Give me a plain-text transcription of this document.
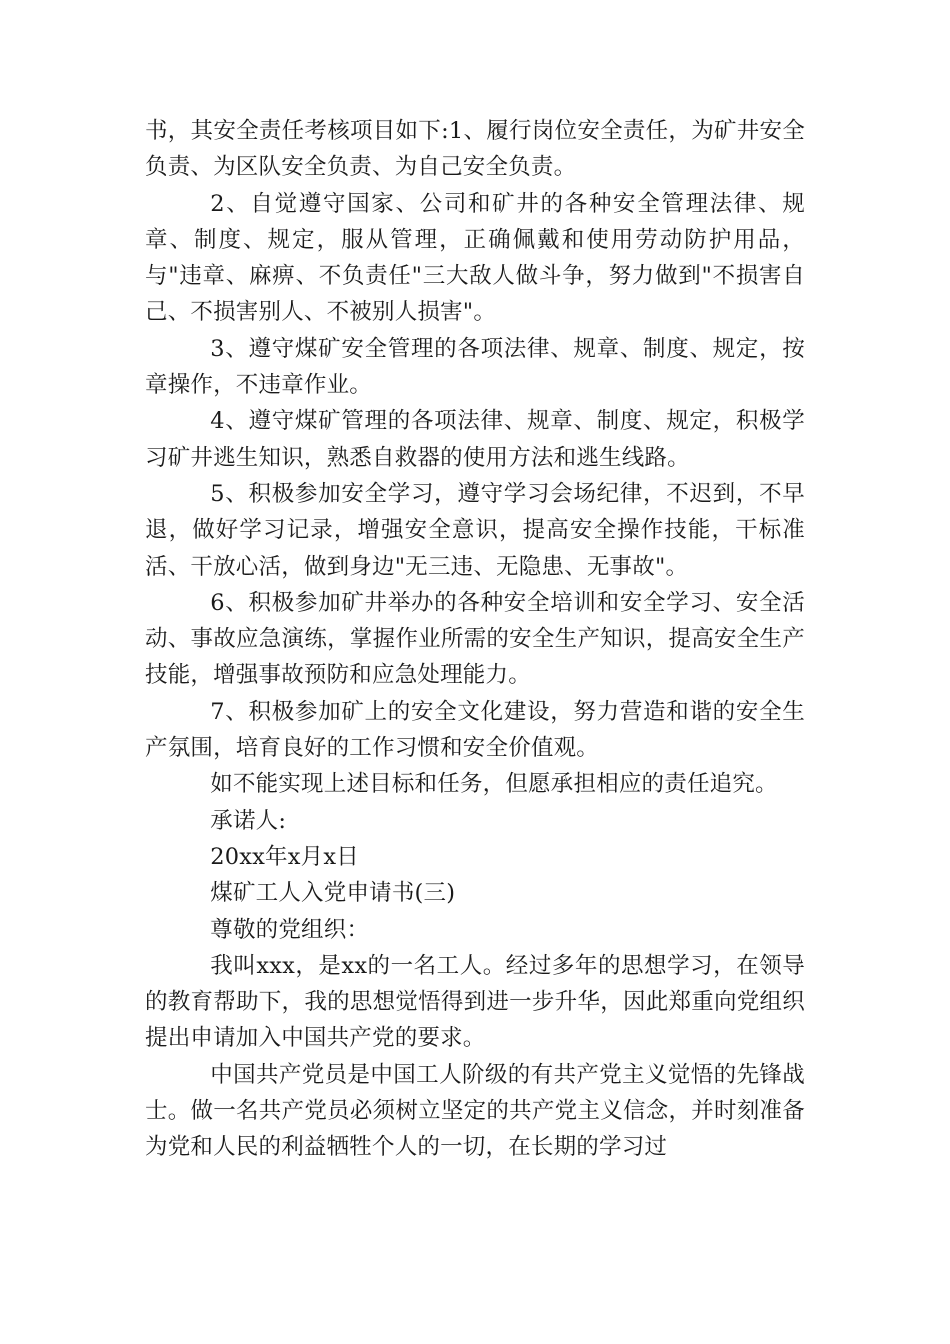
书，其安全责任考核项目如下:1、履行岗位安全责任，为矿井安全负责、为区队安全负责、为自己安全负责。

2、自觉遵守国家、公司和矿井的各种安全管理法律、规章、制度、规定，服从管理，正确佩戴和使用劳动防护用品，与"违章、麻痹、不负责任"三大敌人做斗争，努力做到"不损害自己、不损害别人、不被别人损害"。

3、遵守煤矿安全管理的各项法律、规章、制度、规定，按章操作，不违章作业。

4、遵守煤矿管理的各项法律、规章、制度、规定，积极学习矿井逃生知识，熟悉自救器的使用方法和逃生线路。

5、积极参加安全学习，遵守学习会场纪律，不迟到，不早退，做好学习记录，增强安全意识，提高安全操作技能，干标准活、干放心活，做到身边"无三违、无隐患、无事故"。

6、积极参加矿井举办的各种安全培训和安全学习、安全活动、事故应急演练，掌握作业所需的安全生产知识，提高安全生产技能，增强事故预防和应急处理能力。

7、积极参加矿上的安全文化建设，努力营造和谐的安全生产氛围，培育良好的工作习惯和安全价值观。

如不能实现上述目标和任务，但愿承担相应的责任追究。

承诺人:

20xx年x月x日

煤矿工人入党申请书(三)

尊敬的党组织：

我叫xxx，是xx的一名工人。经过多年的思想学习，在领导的教育帮助下，我的思想觉悟得到进一步升华，因此郑重向党组织提出申请加入中国共产党的要求。

中国共产党员是中国工人阶级的有共产党主义觉悟的先锋战士。做一名共产党员必须树立坚定的共产党主义信念，并时刻准备为党和人民的利益牺牲个人的一切，在长期的学习过
